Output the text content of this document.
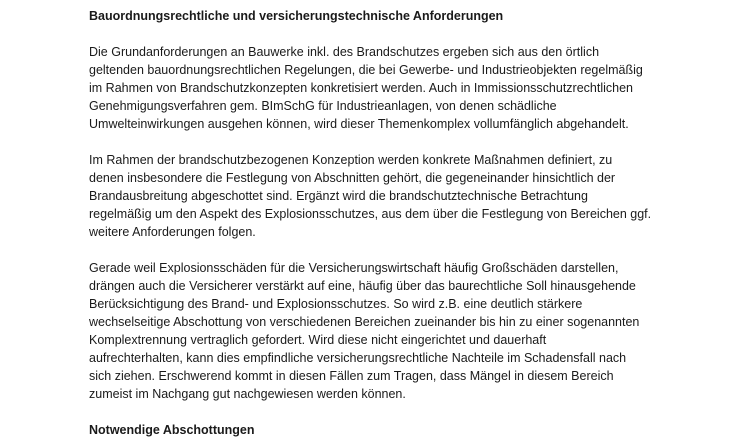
Bauordnungsrechtliche und versicherungstechnische Anforderungen

Die Grundanforderungen an Bauwerke inkl. des Brandschutzes ergeben sich aus den örtlich
geltenden bauordnungsrechtlichen Regelungen, die bei Gewerbe- und Industrieobjekten regelmäßig
im Rahmen von Brandschutzkonzepten konkretisiert werden. Auch in Immissionsschutzrechtlichen
Genehmigungsverfahren gem. BImSchG für Industrieanlagen, von denen schädliche
Umwelteinwirkungen ausgehen können, wird dieser Themenkomplex vollumfänglich abgehandelt.
Im Rahmen der brandschutzbezogenen Konzeption werden konkrete Maßnahmen definiert, zu
denen insbesondere die Festlegung von Abschnitten gehört, die gegeneinander hinsichtlich der
Brandausbreitung abgeschottet sind. Ergänzt wird die brandschutztechnische Betrachtung
regelmäßig um den Aspekt des Explosionsschutzes, aus dem über die Festlegung von Bereichen ggf.
weitere Anforderungen folgen.
Gerade weil Explosionsschäden für die Versicherungswirtschaft häufig Großschäden darstellen,
drängen auch die Versicherer verstärkt auf eine, häufig über das baurechtliche Soll hinausgehende
Berücksichtigung des Brand- und Explosionsschutzes. So wird z.B. eine deutlich stärkere
wechselseitige Abschottung von verschiedenen Bereichen zueinander bis hin zu einer sogenannten
Komplextrennung vertraglich gefordert. Wird diese nicht eingerichtet und dauerhaft
aufrechterhalten, kann dies empfindliche versicherungsrechtliche Nachteile im Schadensfall nach
sich ziehen. Erschwerend kommt in diesen Fällen zum Tragen, dass Mängel in diesem Bereich
zumeist im Nachgang gut nachgewiesen werden können.

Notwendige Abschottungen
